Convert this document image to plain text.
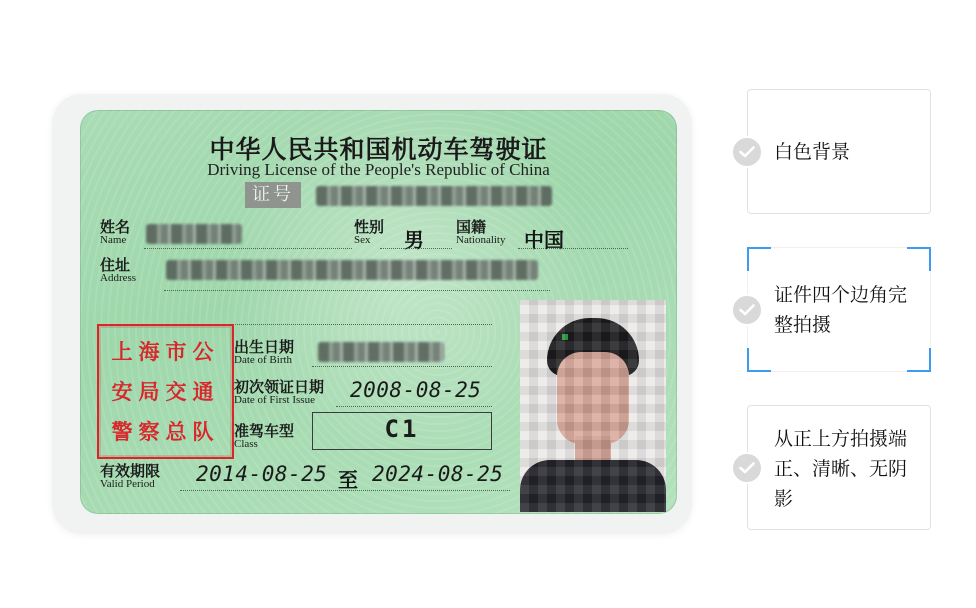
中华人民共和国机动车驾驶证
Driving License of the People's Republic of China
证号
姓名
Name
性别
Sex 男
国籍
Nationality 中国
住址
Address
上海市公
安局交通
警察总队
出生日期
Date of Birth
初次领证日期
Date of First Issue 2008-08-25
准驾车型
Class
C1
有效期限
Valid Period 2014-08-25 至 2024-08-25
白色背景
证件四个边角完整拍摄
从正上方拍摄端正、清晰、无阴影
